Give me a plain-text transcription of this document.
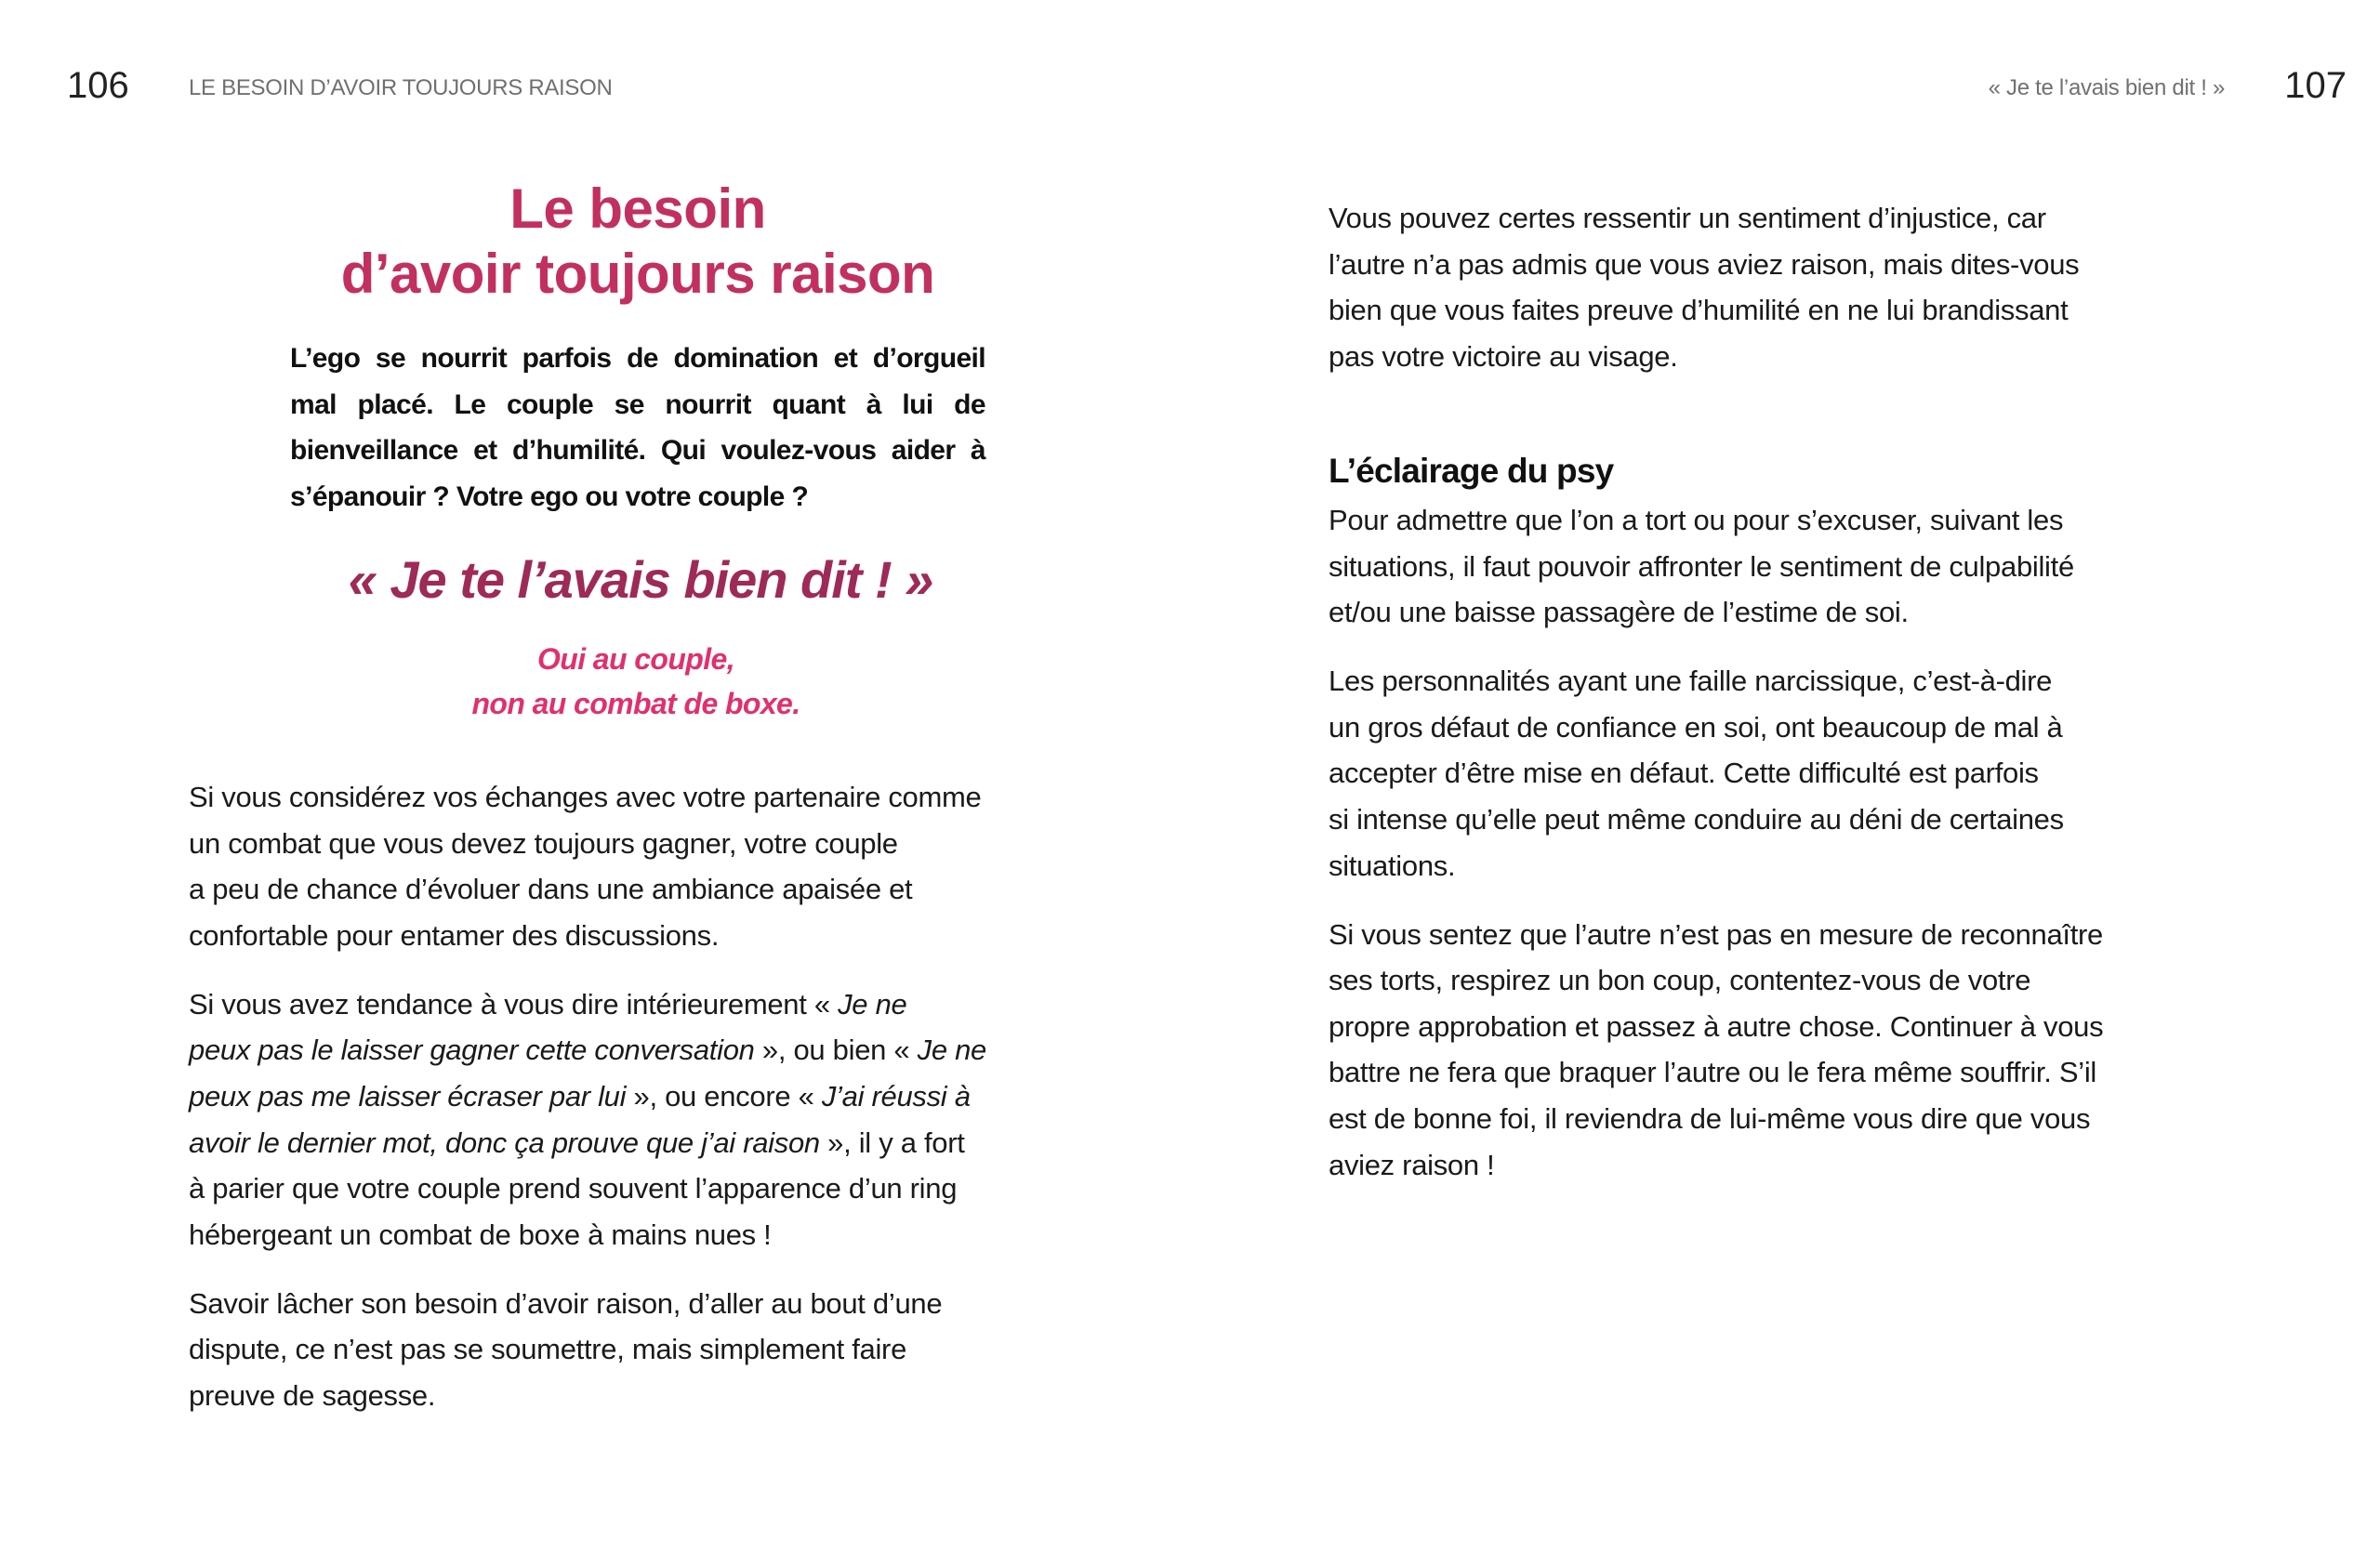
106	LE BESOIN D’AVOIR TOUJOURS RAISON	« Je te l’avais bien dit ! » 107
Le besoin
d’avoir toujours raison
L’ego se nourrit parfois de domination et d’orgueil
mal placé. Le couple se nourrit quant à lui de
bienveillance et d’humilité. Qui voulez-vous aider à
s’épanouir ? Votre ego ou votre couple ?
« Je te l’avais bien dit ! »
Oui au couple,
non au combat de boxe.

Si vous considérez vos échanges avec votre partenaire comme
un combat que vous devez toujours gagner, votre couple
a peu de chance d’évoluer dans une ambiance apaisée et
confortable pour entamer des discussions.

Si vous avez tendance à vous dire intérieurement « Je ne
peux pas le laisser gagner cette conversation », ou bien « Je ne
peux pas me laisser écraser par lui », ou encore « J’ai réussi à
avoir le dernier mot, donc ça prouve que j’ai raison », il y a fort
à parier que votre couple prend souvent l’apparence d’un ring
hébergeant un combat de boxe à mains nues !

Savoir lâcher son besoin d’avoir raison, d’aller au bout d’une
dispute, ce n’est pas se soumettre, mais simplement faire
preuve de sagesse.

Vous pouvez certes ressentir un sentiment d’injustice, car
l’autre n’a pas admis que vous aviez raison, mais dites-vous
bien que vous faites preuve d’humilité en ne lui brandissant
pas votre victoire au visage.

L’éclairage du psy

Pour admettre que l’on a tort ou pour s’excuser, suivant les
situations, il faut pouvoir affronter le sentiment de culpabilité
et/ou une baisse passagère de l’estime de soi.

Les personnalités ayant une faille narcissique, c’est-à-dire
un gros défaut de confiance en soi, ont beaucoup de mal à
accepter d’être mise en défaut. Cette difficulté est parfois
si intense qu’elle peut même conduire au déni de certaines
situations.

Si vous sentez que l’autre n’est pas en mesure de reconnaître
ses torts, respirez un bon coup, contentez-vous de votre
propre approbation et passez à autre chose. Continuer à vous
battre ne fera que braquer l’autre ou le fera même souffrir. S’il
est de bonne foi, il reviendra de lui-même vous dire que vous
aviez raison !
